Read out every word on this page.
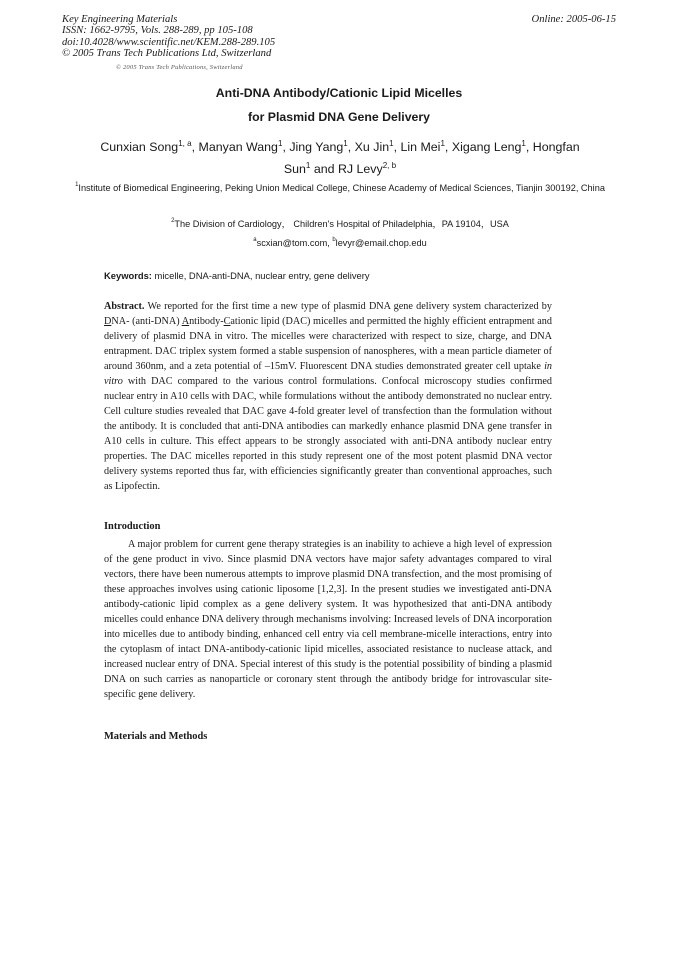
Key Engineering Materials
ISSN: 1662-9795, Vols. 288-289, pp 105-108
doi:10.4028/www.scientific.net/KEM.288-289.105
© 2005 Trans Tech Publications Ltd, Switzerland
Online: 2005-06-15
© 2005 Trans Tech Publications, Switzerland
Anti-DNA Antibody/Cationic Lipid Micelles
for Plasmid DNA Gene Delivery
Cunxian Song$^{1, a}$, Manyan Wang$^1$, Jing Yang$^1$, Xu Jin$^1$, Lin Mei$^1$, Xigang Leng$^1$, Hongfan Sun$^1$ and RJ Levy$^{2, b}$
$^1$Institute of Biomedical Engineering, Peking Union Medical College, Chinese Academy of Medical Sciences, Tianjin 300192, China
$^2$The Division of Cardiology， Children's Hospital of Philadelphia，PA 19104，USA
$^a$scxian@tom.com, $^b$levyr@email.chop.edu
Keywords: micelle, DNA-anti-DNA, nuclear entry, gene delivery
Abstract. We reported for the first time a new type of plasmid DNA gene delivery system characterized by DNA- (anti-DNA) Antibody-Cationic lipid (DAC) micelles and permitted the highly efficient entrapment and delivery of plasmid DNA in vitro. The micelles were characterized with respect to size, charge, and DNA entrapment. DAC triplex system formed a stable suspension of nanospheres, with a mean particle diameter of around 360nm, and a zeta potential of –15mV. Fluorescent DNA studies demonstrated greater cell uptake in vitro with DAC compared to the various control formulations. Confocal microscopy studies confirmed nuclear entry in A10 cells with DAC, while formulations without the antibody demonstrated no nuclear entry. Cell culture studies revealed that DAC gave 4-fold greater level of transfection than the formulation without the antibody. It is concluded that anti-DNA antibodies can markedly enhance plasmid DNA gene transfer in A10 cells in culture. This effect appears to be strongly associated with anti-DNA antibody nuclear entry properties. The DAC micelles reported in this study represent one of the most potent plasmid DNA vector delivery systems reported thus far, with efficiencies significantly greater than conventional approaches, such as Lipofectin.
Introduction
A major problem for current gene therapy strategies is an inability to achieve a high level of expression of the gene product in vivo. Since plasmid DNA vectors have major safety advantages compared to viral vectors, there have been numerous attempts to improve plasmid DNA transfection, and the most promising of these approaches involves using cationic liposome [1,2,3]. In the present studies we investigated anti-DNA antibody-cationic lipid complex as a gene delivery system. It was hypothesized that anti-DNA antibody micelles could enhance DNA delivery through mechanisms involving: Increased levels of DNA incorporation into micelles due to antibody binding, enhanced cell entry via cell membrane-micelle interactions, entry into the cytoplasm of intact DNA-antibody-cationic lipid micelles, associated resistance to nuclease attack, and increased nuclear entry of DNA. Special interest of this study is the potential possibility of binding a plasmid DNA on such carries as nanoparticle or coronary stent through the antibody bridge for introvascular site-specific gene delivery.
Materials and Methods
